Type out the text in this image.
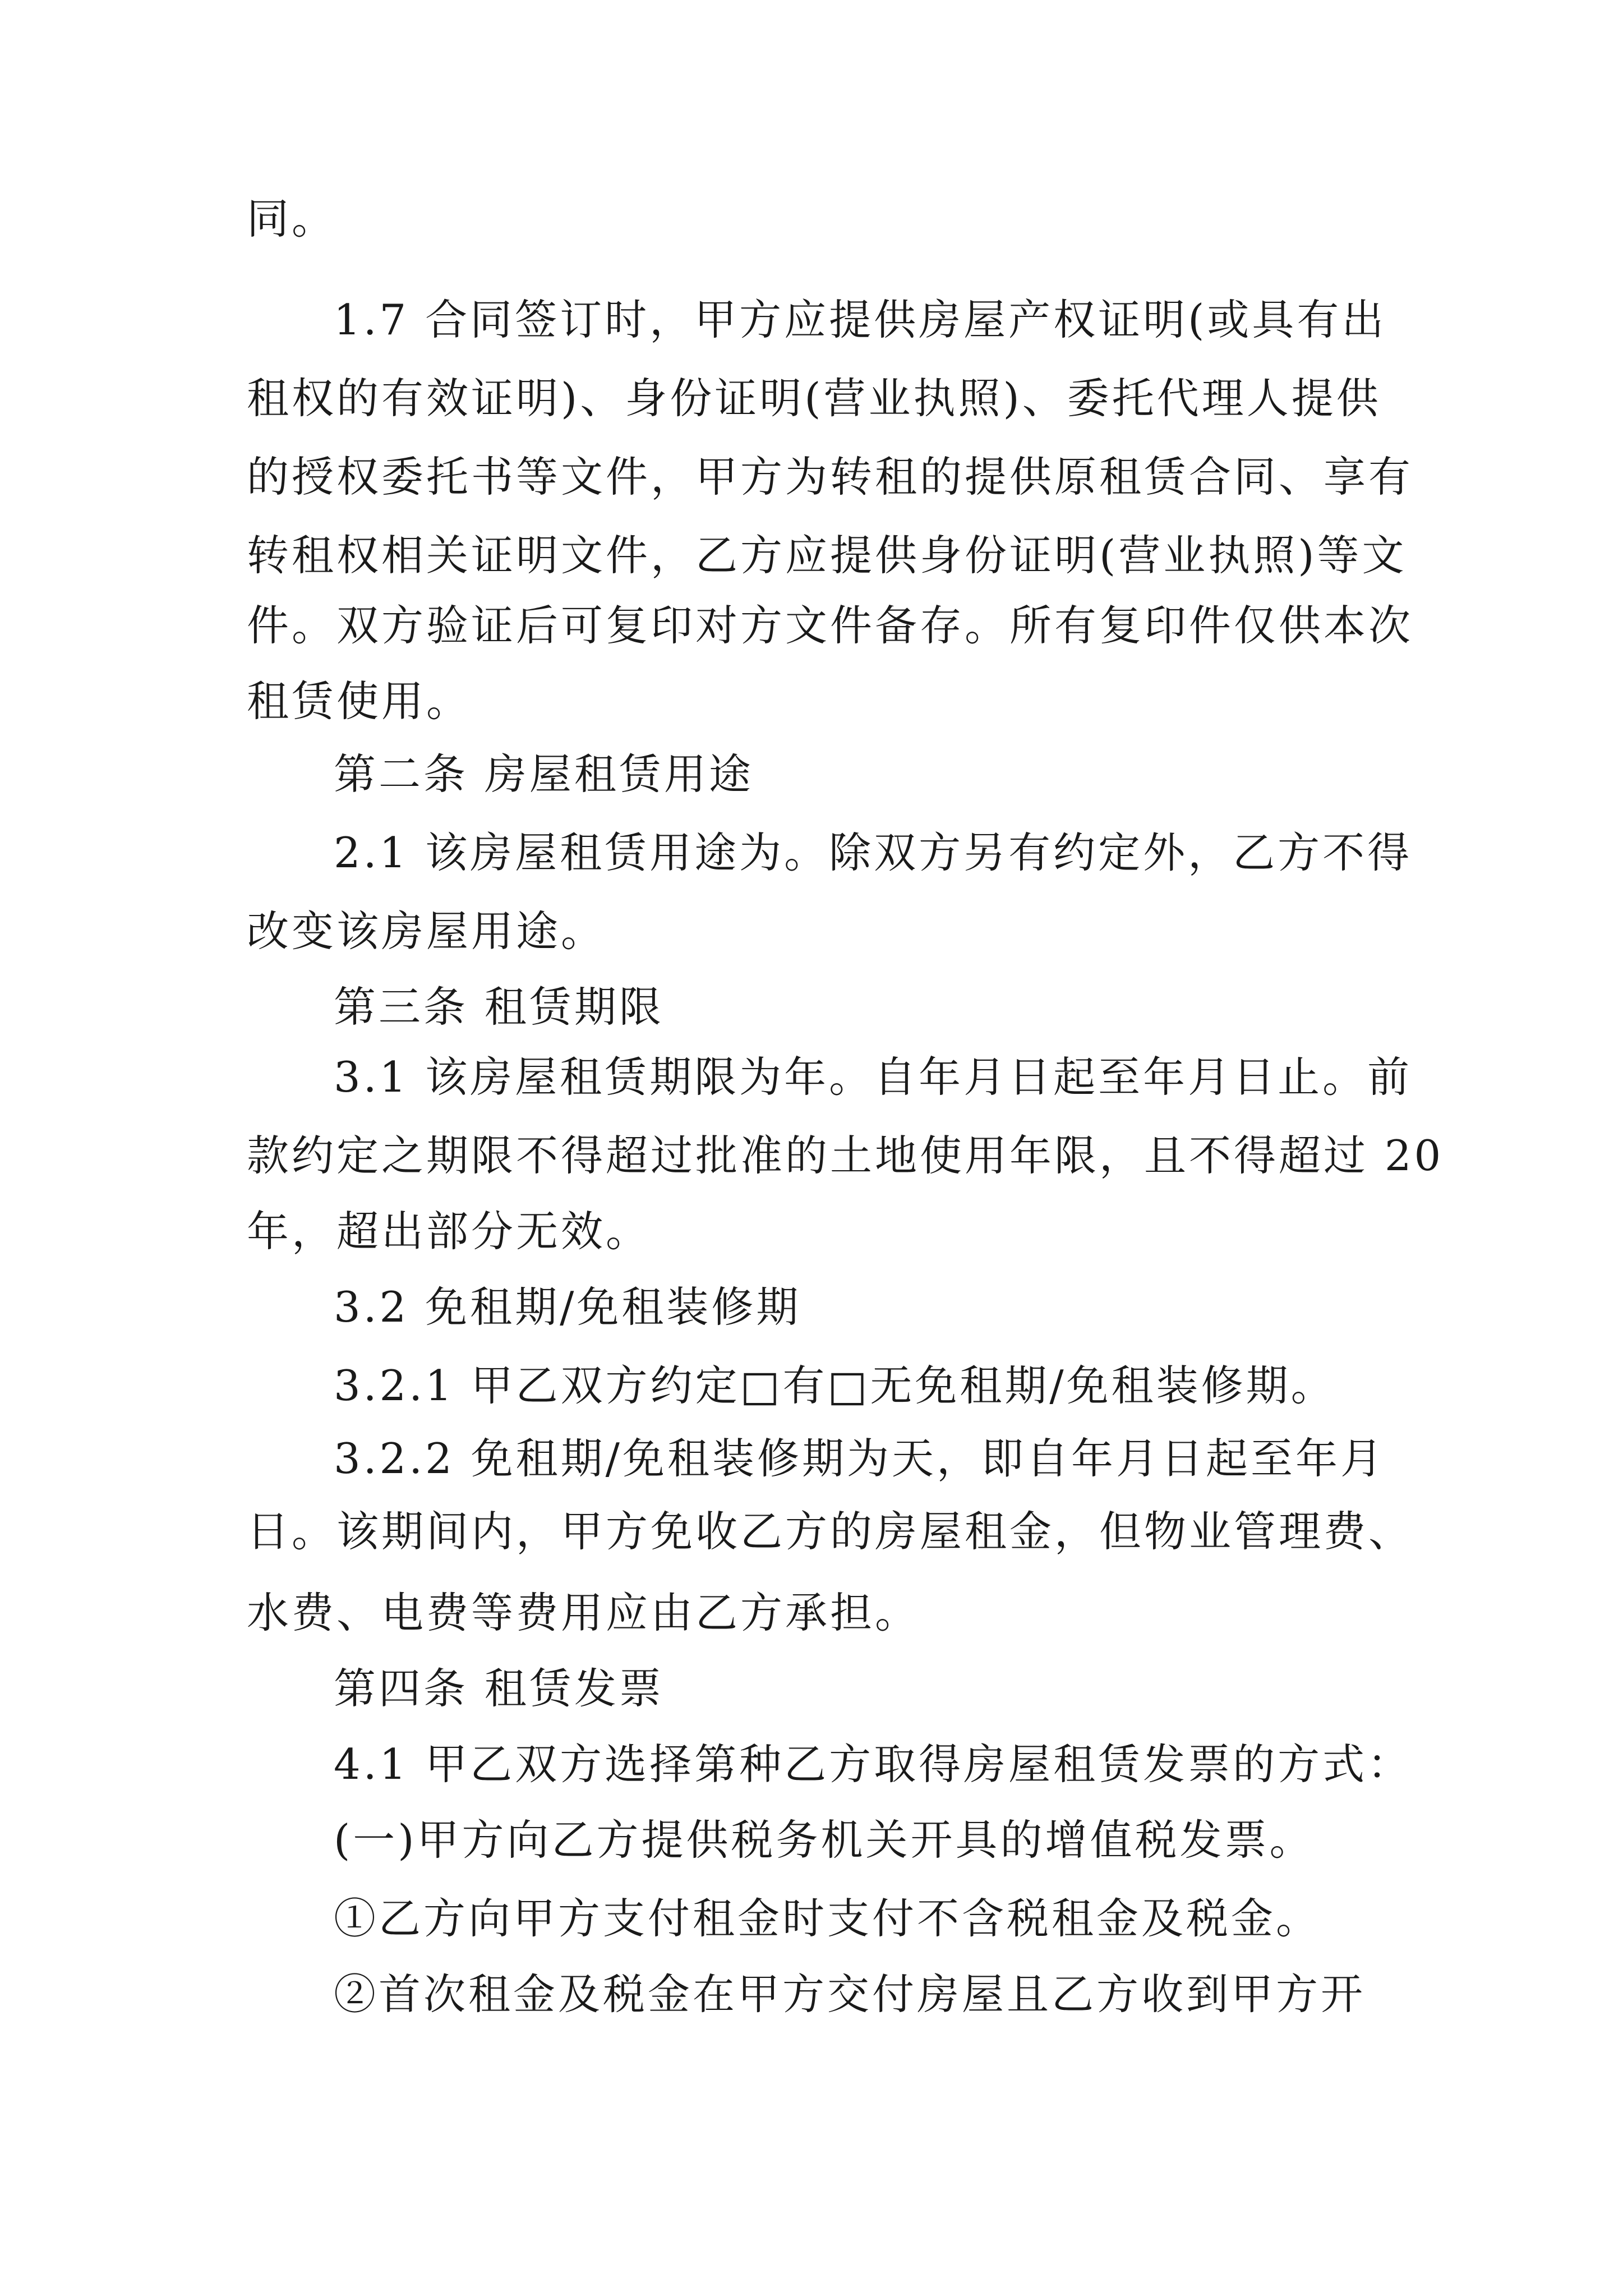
同。
1.7 合同签订时，甲方应提供房屋产权证明(或具有出
租权的有效证明)、身份证明(营业执照)、委托代理人提供
的授权委托书等文件，甲方为转租的提供原租赁合同、享有
转租权相关证明文件，乙方应提供身份证明(营业执照)等文
件。双方验证后可复印对方文件备存。所有复印件仅供本次
租赁使用。
第二条 房屋租赁用途
2.1 该房屋租赁用途为。除双方另有约定外，乙方不得
改变该房屋用途。
第三条 租赁期限
3.1 该房屋租赁期限为年。自年月日起至年月日止。前
款约定之期限不得超过批准的土地使用年限，且不得超过 20
年，超出部分无效。
3.2 免租期/免租装修期
3.2.1 甲乙双方约定□有□无免租期/免租装修期。
3.2.2 免租期/免租装修期为天，即自年月日起至年月
日。该期间内，甲方免收乙方的房屋租金，但物业管理费、
水费、电费等费用应由乙方承担。
第四条 租赁发票
4.1 甲乙双方选择第种乙方取得房屋租赁发票的方式：
(一)甲方向乙方提供税务机关开具的增值税发票。
①乙方向甲方支付租金时支付不含税租金及税金。
②首次租金及税金在甲方交付房屋且乙方收到甲方开
